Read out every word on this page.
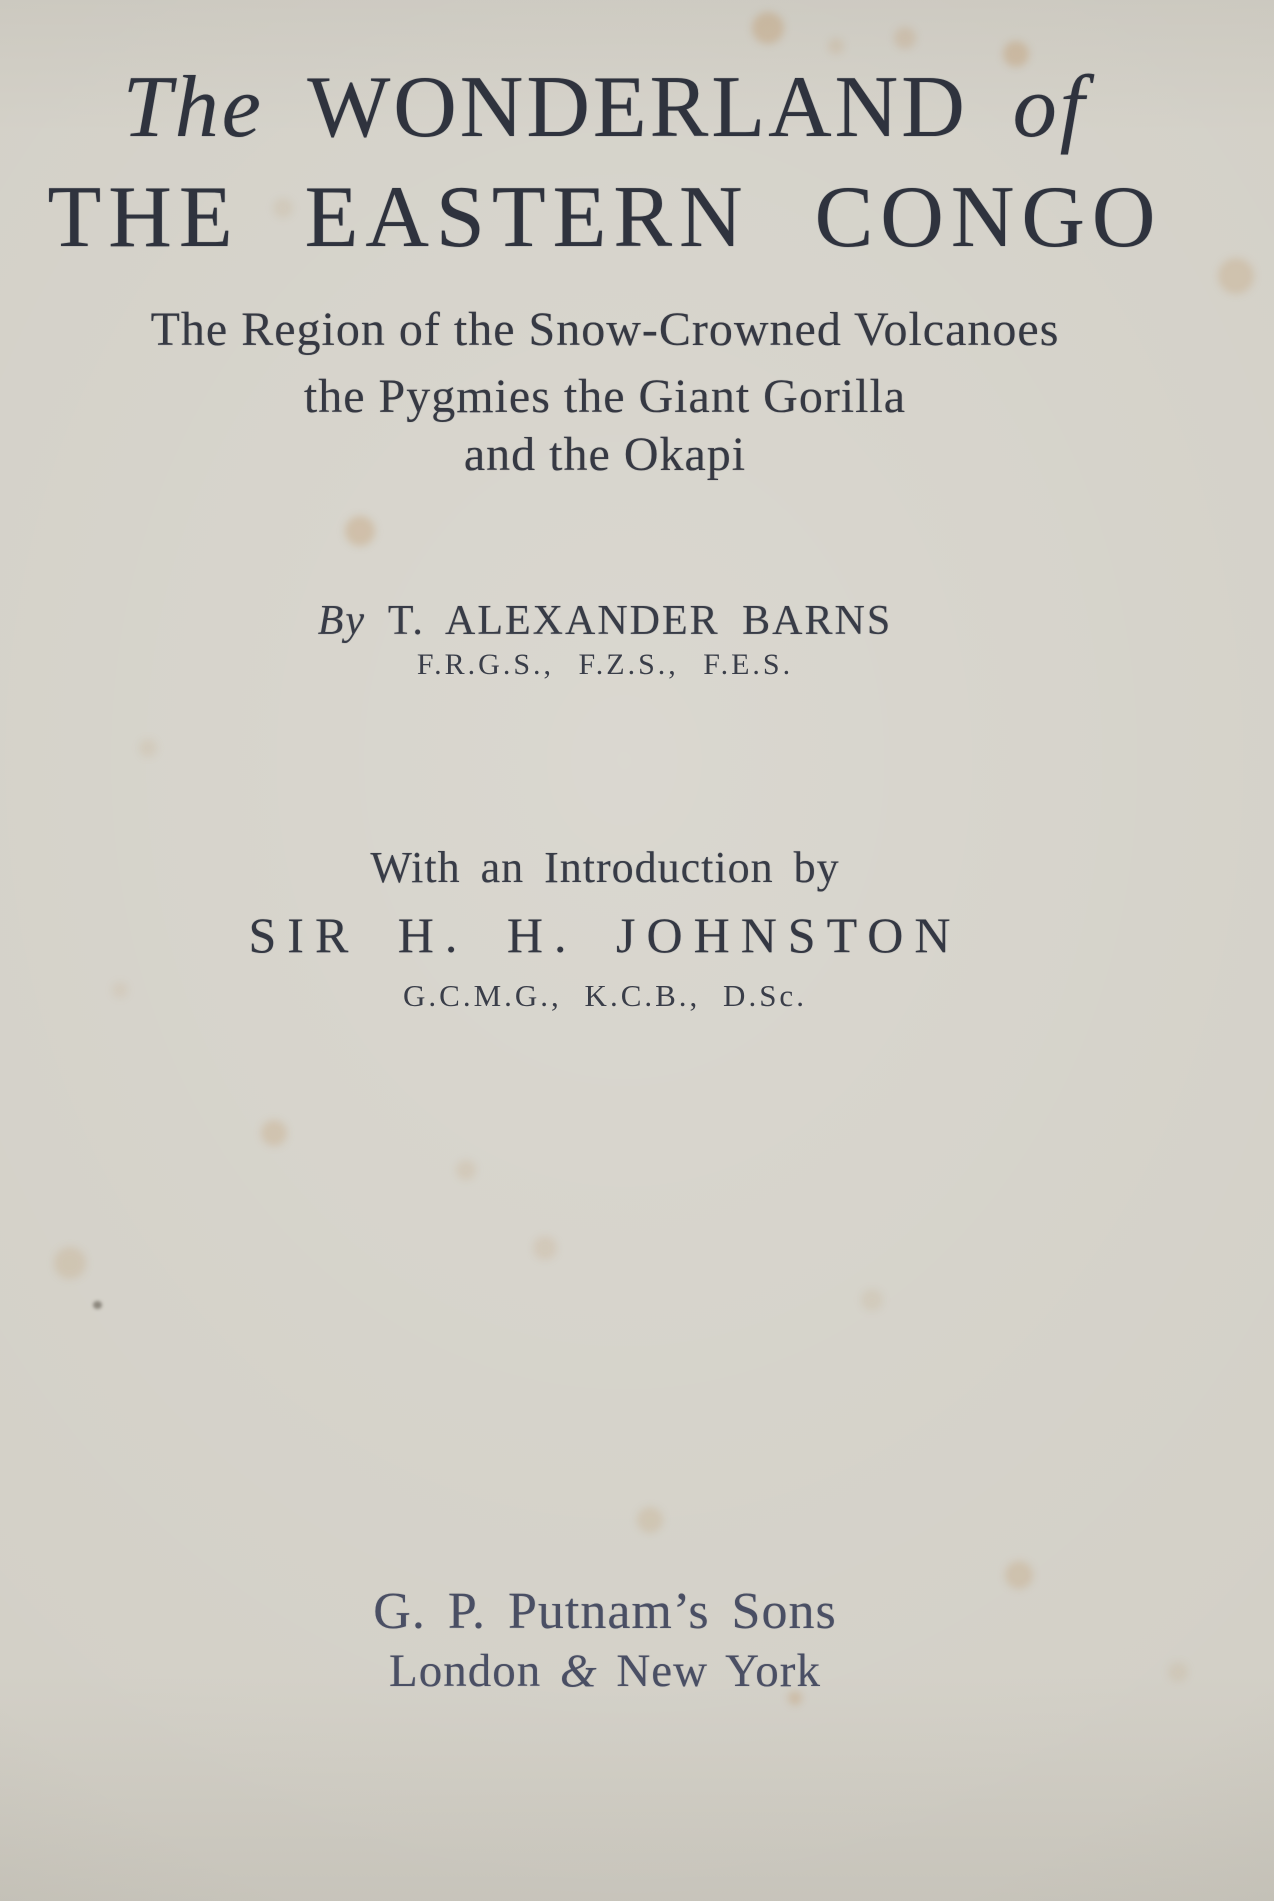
The WONDERLAND of
THE EASTERN CONGO
The Region of the Snow-Crowned Volcanoes
the Pygmies the Giant Gorilla
and the Okapi
By T. ALEXANDER BARNS
F.R.G.S., F.Z.S., F.E.S.
With an Introduction by
SIR H. H. JOHNSTON
G.C.M.G., K.C.B., D.Sc.
G. P. Putnam’s Sons
London & New York
